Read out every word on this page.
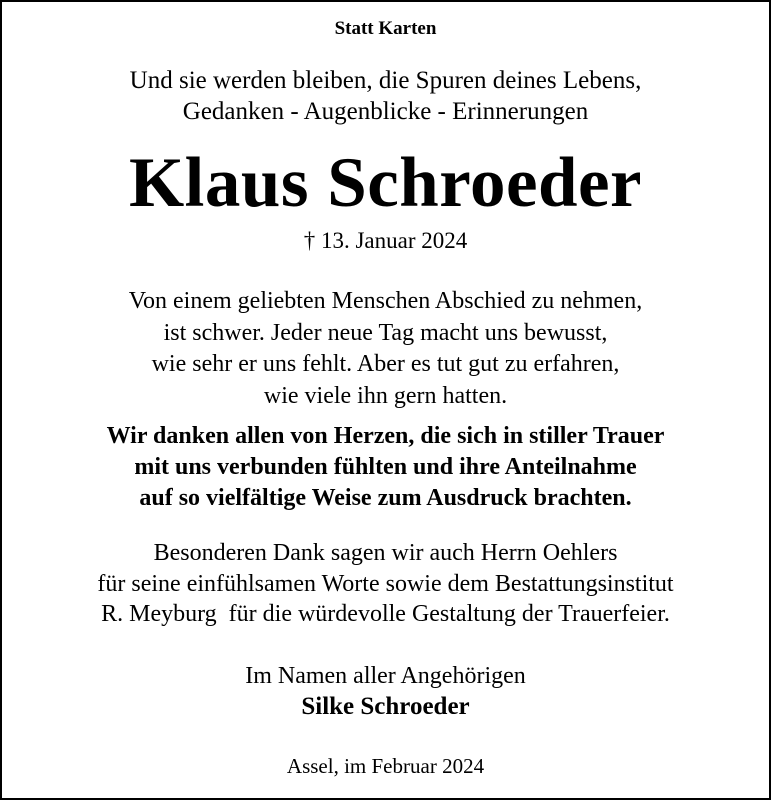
Statt Karten
Und sie werden bleiben, die Spuren deines Lebens,
Gedanken - Augenblicke - Erinnerungen
Klaus Schroeder
† 13. Januar 2024
Von einem geliebten Menschen Abschied zu nehmen,
ist schwer. Jeder neue Tag macht uns bewusst,
wie sehr er uns fehlt. Aber es tut gut zu erfahren,
wie viele ihn gern hatten.
Wir danken allen von Herzen, die sich in stiller Trauer
mit uns verbunden fühlten und ihre Anteilnahme
auf so vielfältige Weise zum Ausdruck brachten.
Besonderen Dank sagen wir auch Herrn Oehlers
für seine einfühlsamen Worte sowie dem Bestattungsinstitut
R. Meyburg  für die würdevolle Gestaltung der Trauerfeier.
Im Namen aller Angehörigen
Silke Schroeder
Assel, im Februar 2024
